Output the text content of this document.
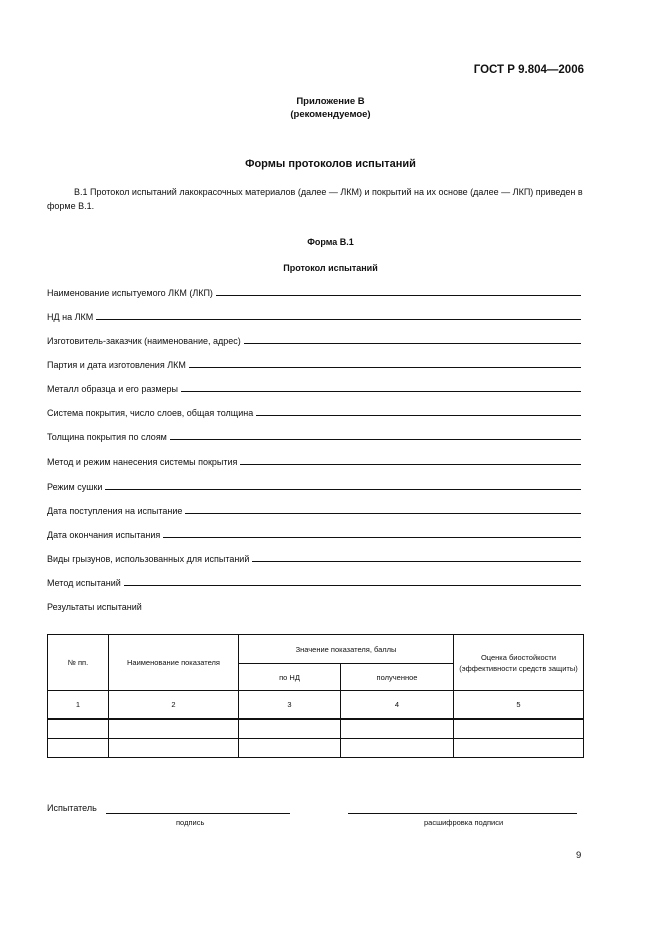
ГОСТ Р 9.804—2006
Приложение В
(рекомендуемое)
Формы протоколов испытаний
В.1 Протокол испытаний лакокрасочных материалов (далее — ЛКМ) и покрытий на их основе (далее — ЛКП) приведен в форме В.1.
Форма В.1
Протокол испытаний
Наименование испытуемого ЛКМ (ЛКП)
НД на ЛКМ
Изготовитель-заказчик (наименование, адрес)
Партия и дата изготовления ЛКМ
Металл образца и его размеры
Система покрытия, число слоев, общая толщина
Толщина покрытия по слоям
Метод и режим нанесения системы покрытия
Режим сушки
Дата поступления на испытание
Дата окончания испытания
Виды грызунов, использованных для испытаний
Метод испытаний
Результаты испытаний
№ пп.	Наименование показателя	Значение показателя, баллы		Оценка биостойкости (эффективности средств защиты)
		по НД	полученное	
1	2	3	4	5

Испытатель
подпись	расшифровка подписи
9
